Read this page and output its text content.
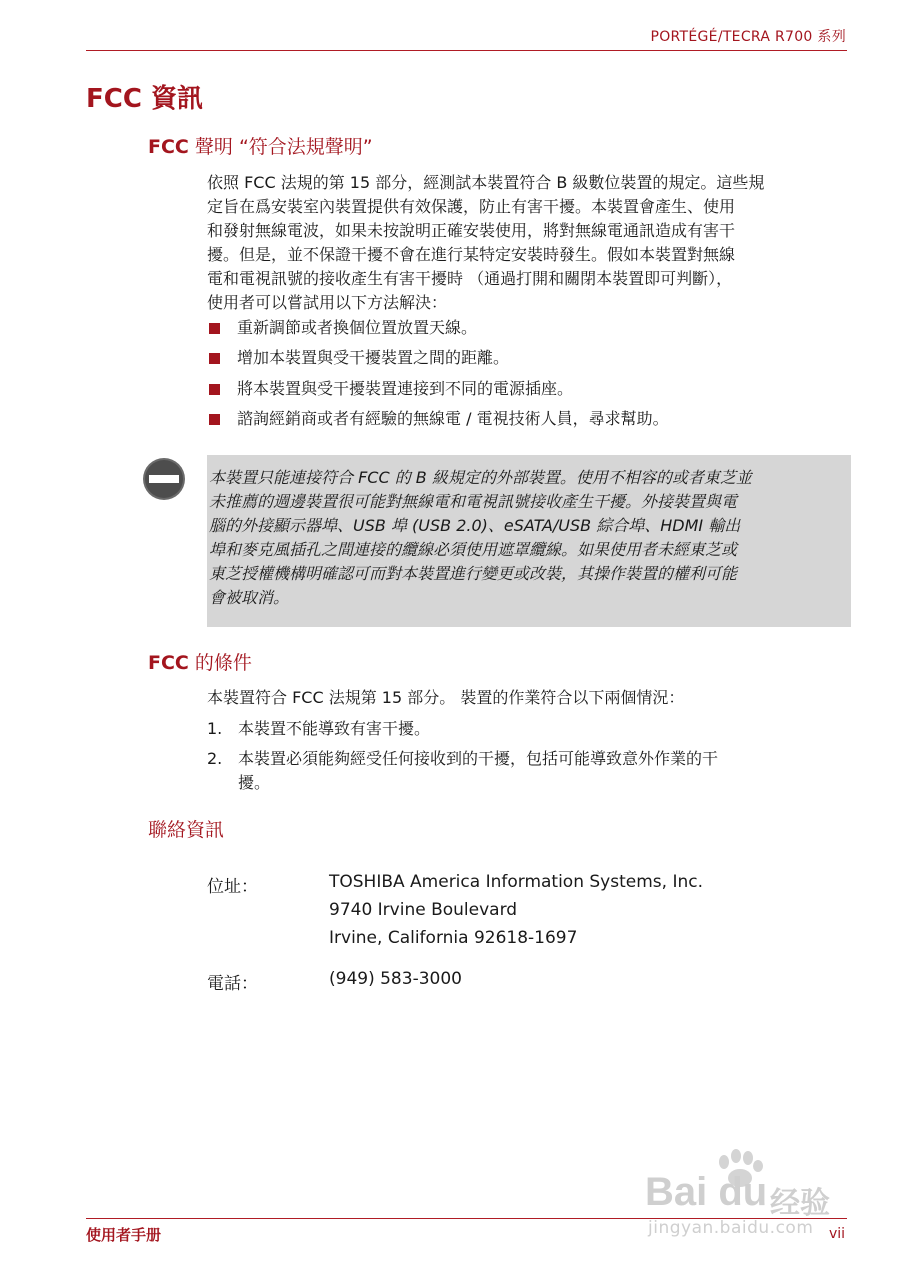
PORTÉGÉ/TECRA R700 系列
FCC 資訊
FCC 聲明 “符合法規聲明”
依照 FCC 法規的第 15 部分，經測試本裝置符合 B 級數位裝置的規定。這些規
定旨在爲安裝室內裝置提供有效保護，防止有害干擾。本裝置會產生、使用
和發射無線電波，如果未按說明正確安裝使用，將對無線電通訊造成有害干
擾。但是，並不保證干擾不會在進行某特定安裝時發生。假如本裝置對無線
電和電視訊號的接收產生有害干擾時 （通過打開和關閉本裝置即可判斷），
使用者可以嘗試用以下方法解決：
重新調節或者換個位置放置天線。
增加本裝置與受干擾裝置之間的距離。
將本裝置與受干擾裝置連接到不同的電源插座。
諮詢經銷商或者有經驗的無線電 / 電視技術人員，尋求幫助。
本裝置只能連接符合 FCC 的 B 級規定的外部裝置。使用不相容的或者東芝並
未推薦的週邊裝置很可能對無線電和電視訊號接收產生干擾。外接裝置與電
腦的外接顯示器埠、USB 埠 (USB 2.0)、eSATA/USB 綜合埠、HDMI 輸出
埠和麥克風插孔之間連接的纜線必須使用遮罩纜線。如果使用者未經東芝或
東芝授權機構明確認可而對本裝置進行變更或改裝，其操作裝置的權利可能
會被取消。
FCC 的條件
本裝置符合 FCC 法規第 15 部分。 裝置的作業符合以下兩個情況：
1. 本裝置不能導致有害干擾。
2. 本裝置必須能夠經受任何接收到的干擾，包括可能導致意外作業的干
擾。
聯絡資訊
位址：	TOSHIBA America Information Systems, Inc.
9740 Irvine Boulevard
Irvine, California 92618-1697
電話：	(949) 583-3000
Bai du 经验
jingyan.baidu.com
使用者手册	vii
